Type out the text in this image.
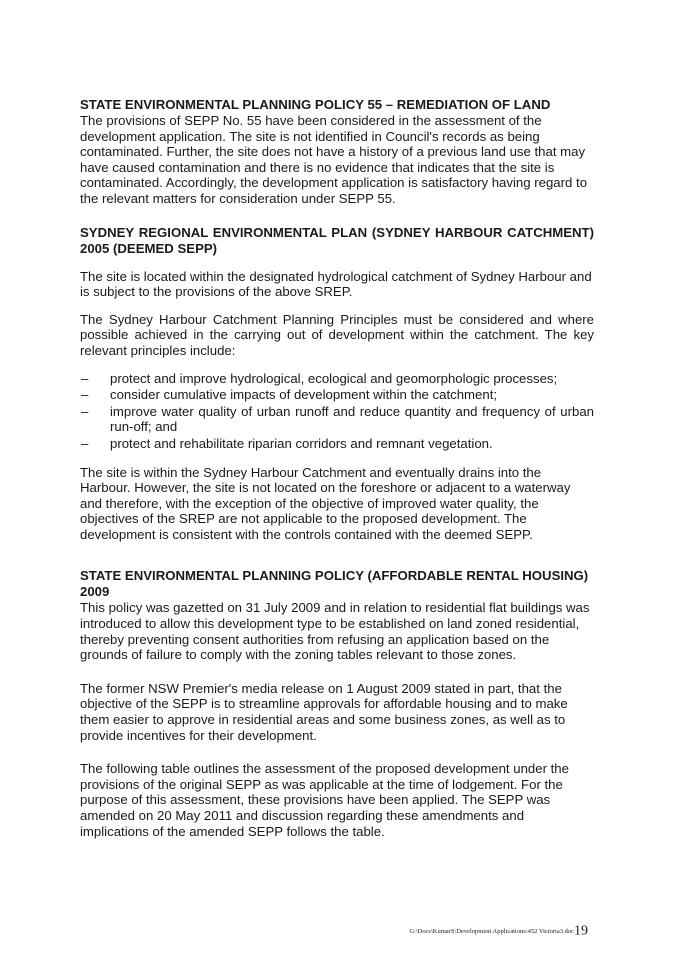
STATE ENVIRONMENTAL PLANNING POLICY 55 – REMEDIATION OF LAND

The provisions of SEPP No. 55 have been considered in the assessment of the development application. The site is not identified in Council's records as being contaminated. Further, the site does not have a history of a previous land use that may have caused contamination and there is no evidence that indicates that the site is contaminated. Accordingly, the development application is satisfactory having regard to the relevant matters for consideration under SEPP 55.

SYDNEY REGIONAL ENVIRONMENTAL PLAN (SYDNEY HARBOUR CATCHMENT) 2005 (DEEMED SEPP)

The site is located within the designated hydrological catchment of Sydney Harbour and is subject to the provisions of the above SREP.

The Sydney Harbour Catchment Planning Principles must be considered and where possible achieved in the carrying out of development within the catchment. The key relevant principles include:

– protect and improve hydrological, ecological and geomorphologic processes;
– consider cumulative impacts of development within the catchment;
– improve water quality of urban runoff and reduce quantity and frequency of urban run-off; and
– protect and rehabilitate riparian corridors and remnant vegetation.

The site is within the Sydney Harbour Catchment and eventually drains into the Harbour. However, the site is not located on the foreshore or adjacent to a waterway and therefore, with the exception of the objective of improved water quality, the objectives of the SREP are not applicable to the proposed development. The development is consistent with the controls contained with the deemed SEPP.

STATE ENVIRONMENTAL PLANNING POLICY (AFFORDABLE RENTAL HOUSING) 2009

This policy was gazetted on 31 July 2009 and in relation to residential flat buildings was introduced to allow this development type to be established on land zoned residential, thereby preventing consent authorities from refusing an application based on the grounds of failure to comply with the zoning tables relevant to those zones.

The former NSW Premier's media release on 1 August 2009 stated in part, that the objective of the SEPP is to streamline approvals for affordable housing and to make them easier to approve in residential areas and some business zones, as well as to provide incentives for their development.

The following table outlines the assessment of the proposed development under the provisions of the original SEPP as was applicable at the time of lodgement. For the purpose of this assessment, these provisions have been applied. The SEPP was amended on 20 May 2011 and discussion regarding these amendments and implications of the amended SEPP follows the table.

G:\Docs\KumarS\Development Applications\452 Victoria3.doc19
